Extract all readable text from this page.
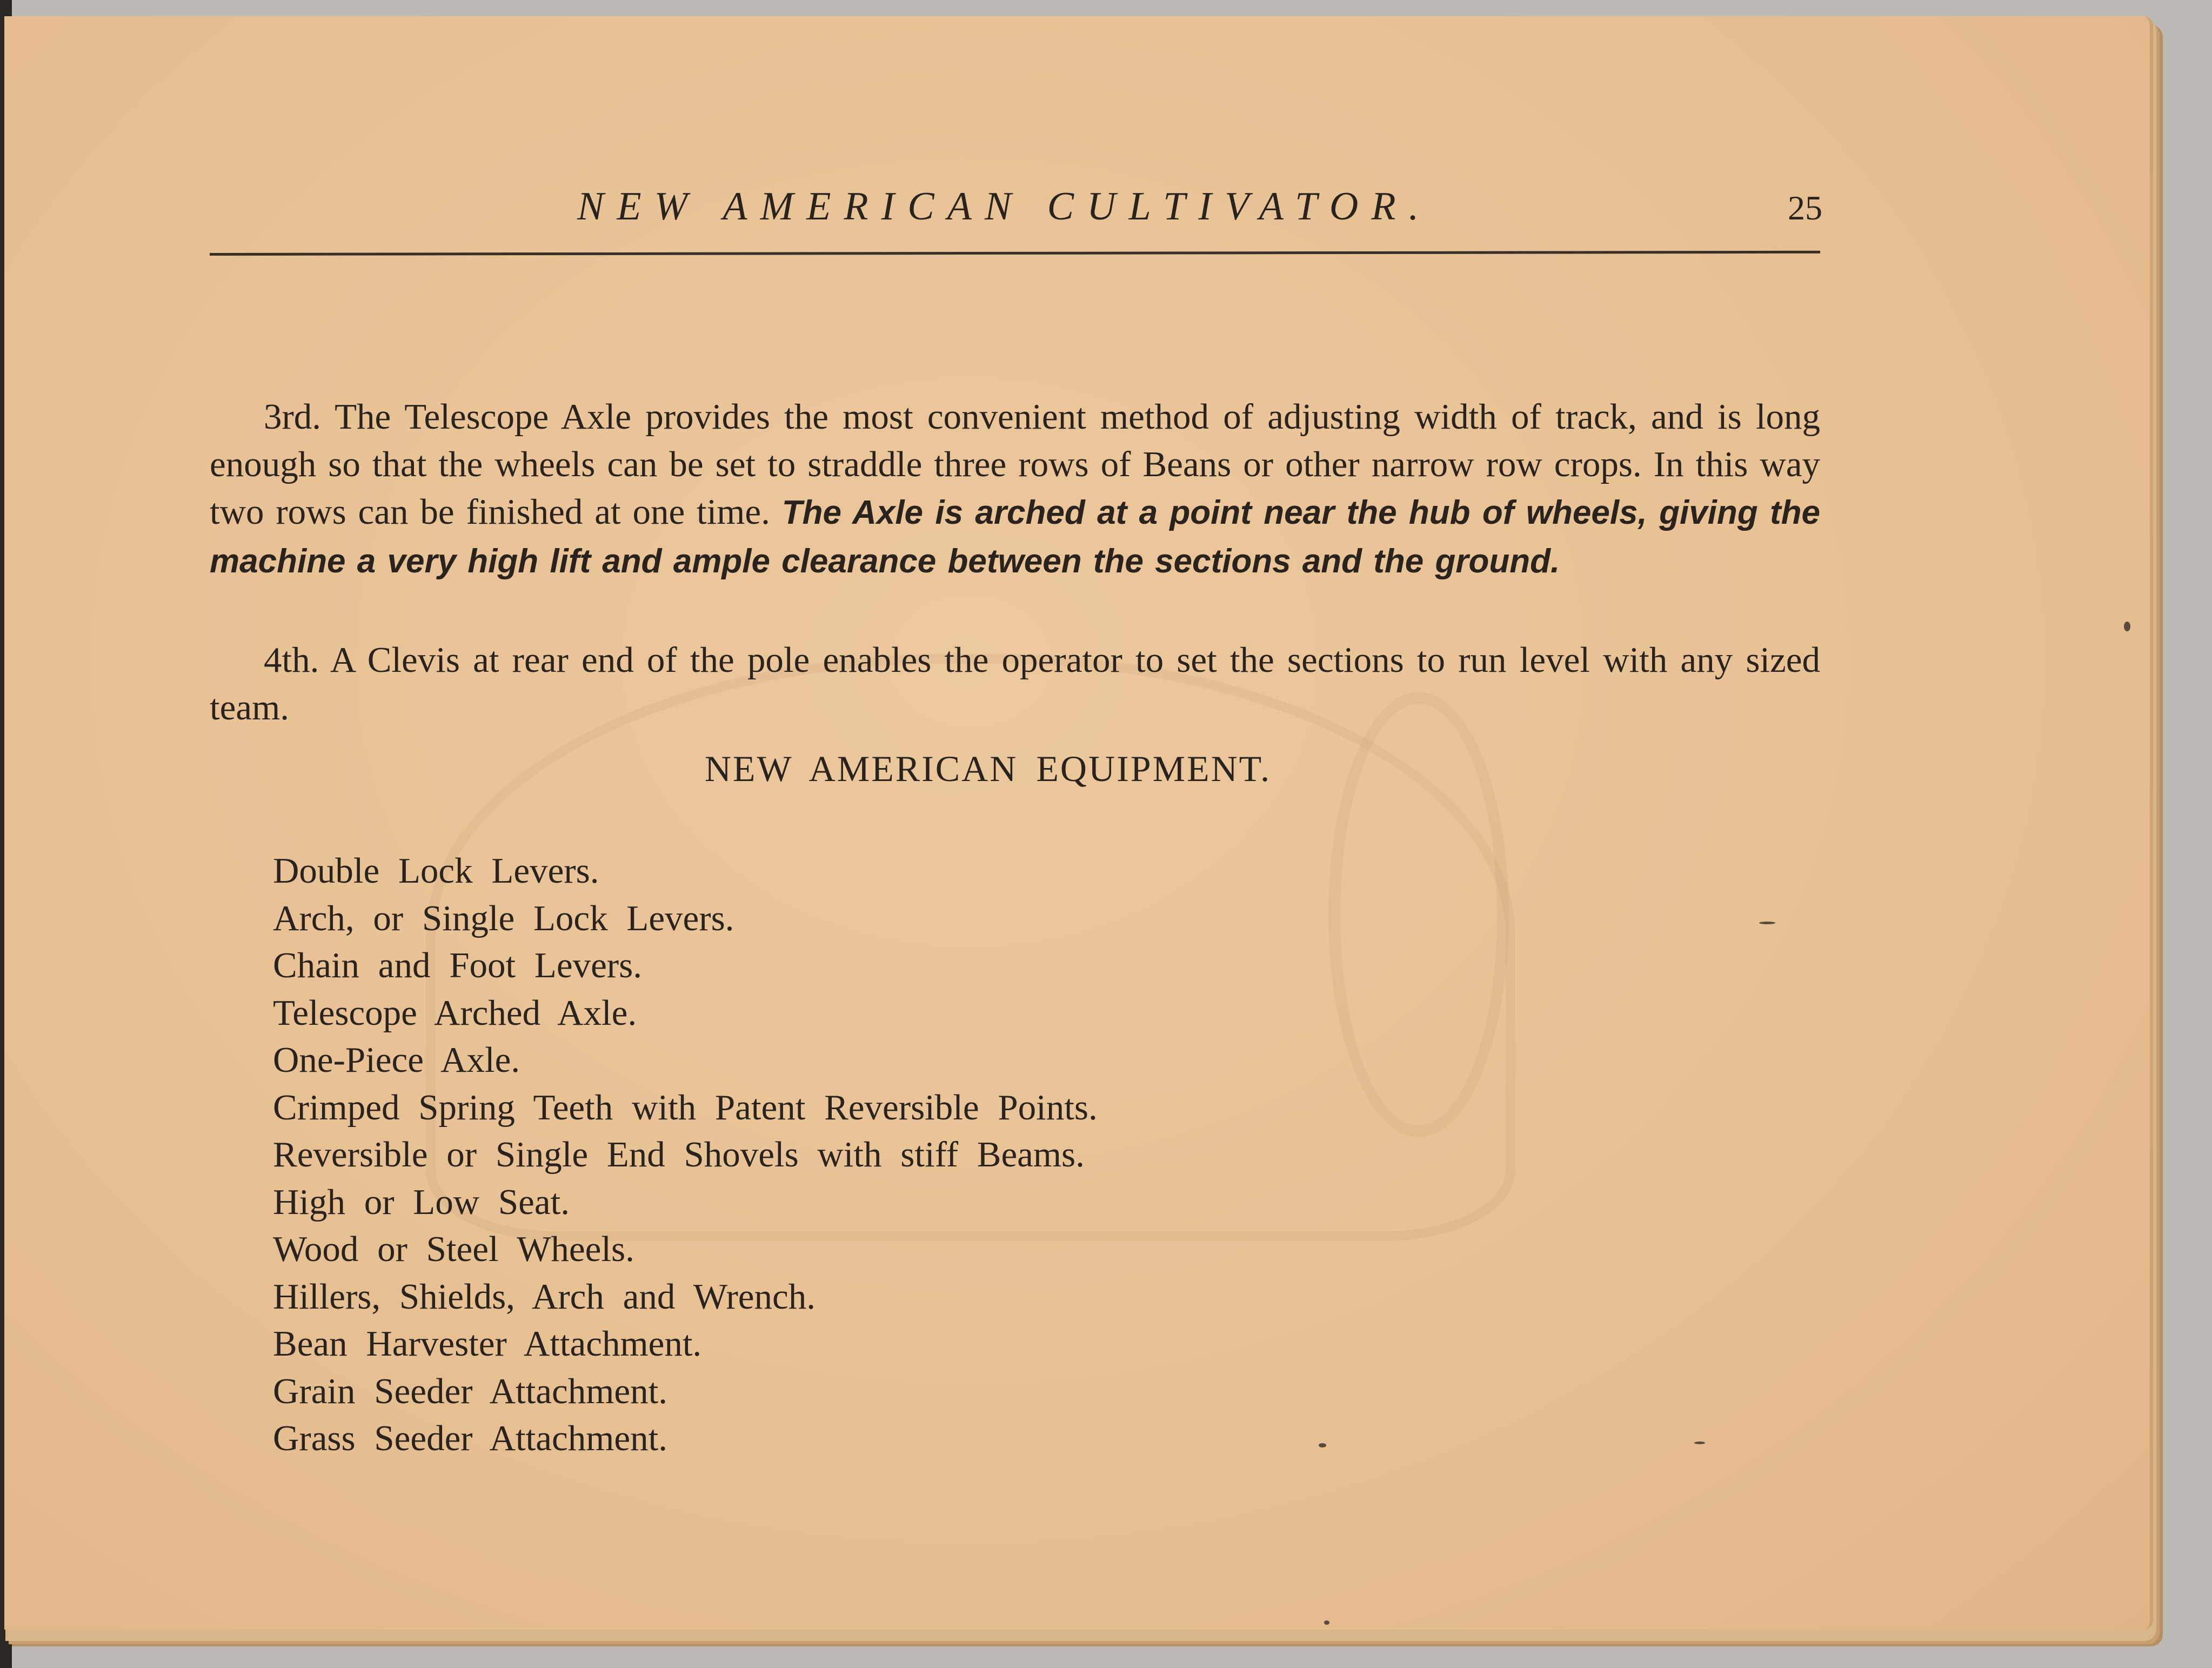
NEW AMERICAN CULTIVATOR.	25

3rd. The Telescope Axle provides the most convenient method of adjusting width of track, and is long enough so that the wheels can be set to straddle three rows of Beans or other narrow row crops. In this way two rows can be finished at one time. The Axle is arched at a point near the hub of wheels, giving the machine a very high lift and ample clearance between the sections and the ground.

4th. A Clevis at rear end of the pole enables the operator to set the sections to run level with any sized team.

NEW AMERICAN EQUIPMENT.
Double Lock Levers.
Arch, or Single Lock Levers.
Chain and Foot Levers.
Telescope Arched Axle.
One-Piece Axle.
Crimped Spring Teeth with Patent Reversible Points.
Reversible or Single End Shovels with stiff Beams.
High or Low Seat.
Wood or Steel Wheels.
Hillers, Shields, Arch and Wrench.
Bean Harvester Attachment.
Grain Seeder Attachment.
Grass Seeder Attachment.
